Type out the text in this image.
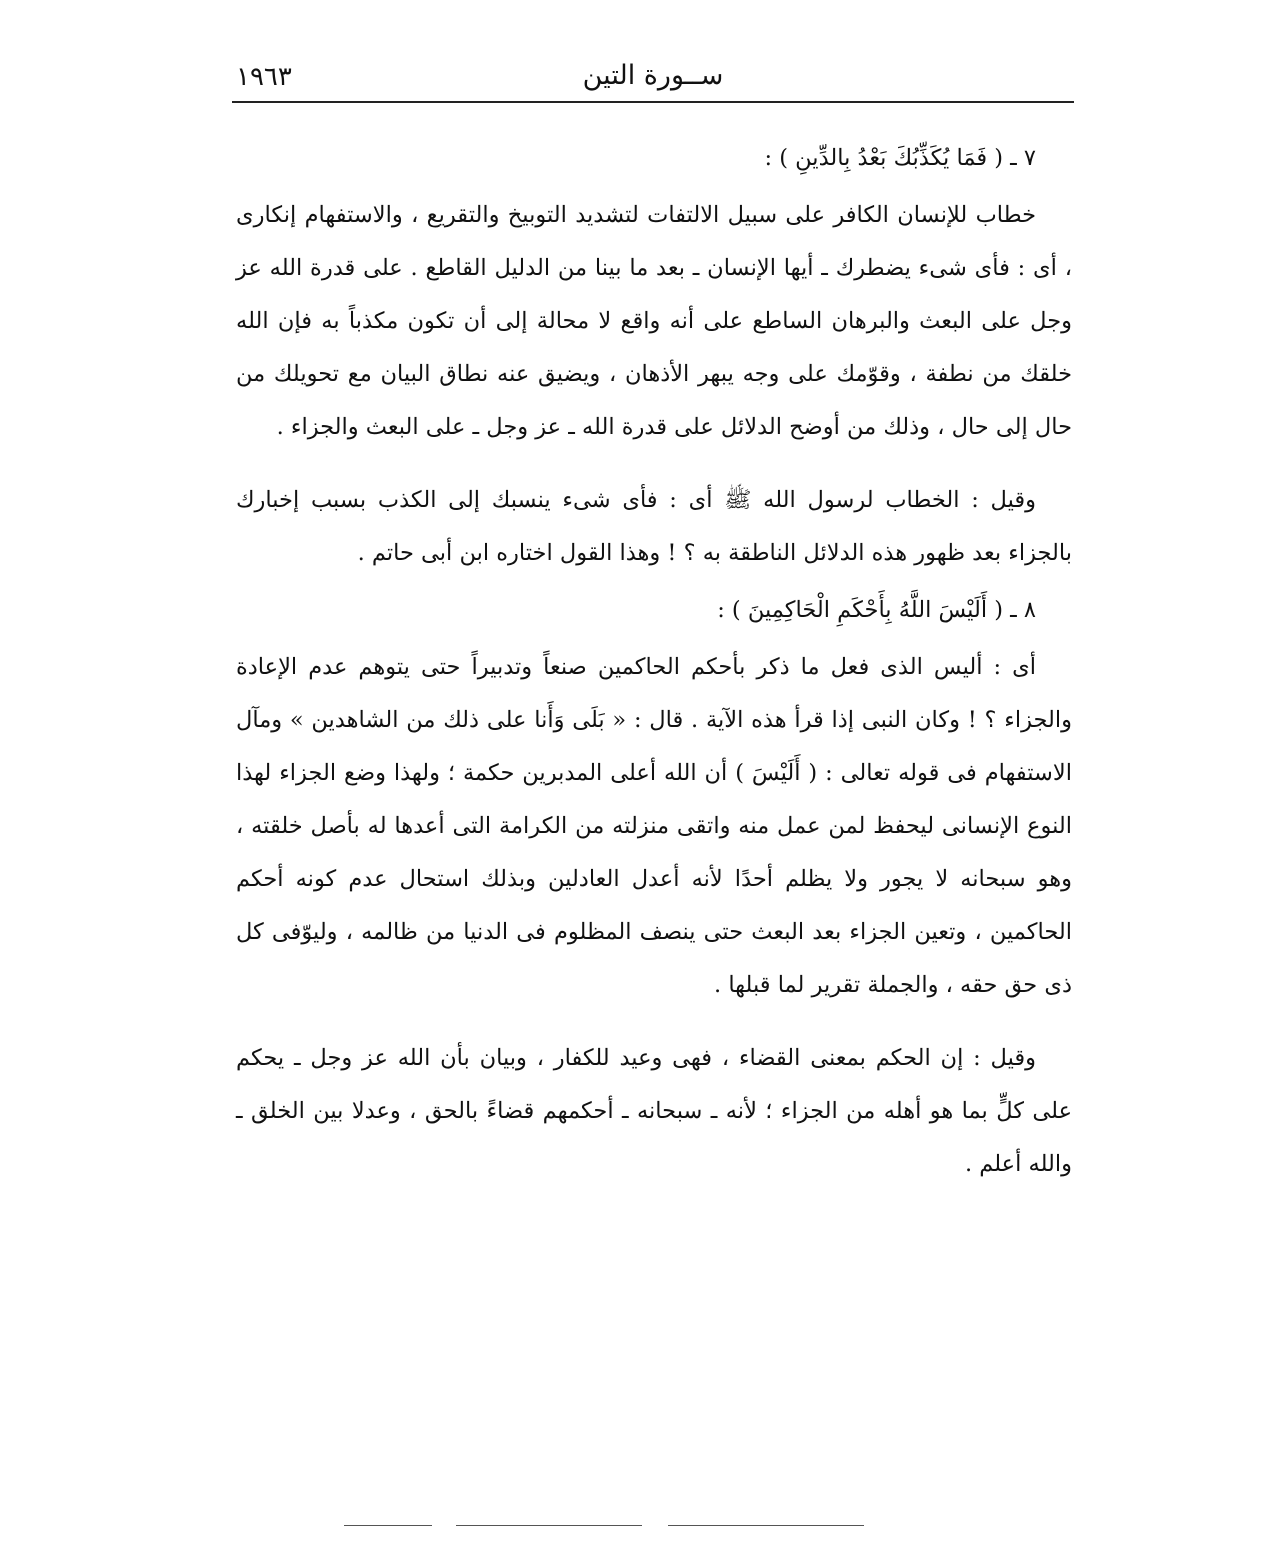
ســورة التين
١٩٦٣

٧ ـ ( فَمَا يُكَذِّبُكَ بَعْدُ بِالدِّينِ ) :

خطاب للإنسان الكافر على سبيل الالتفات لتشديد التوبيخ والتقريع ، والاستفهام إنكارى ، أى : فأى شىء يضطرك ـ أيها الإنسان ـ بعد ما بينا من الدليل القاطع . على قدرة الله عز وجل على البعث والبرهان الساطع على أنه واقع لا محالة إلى أن تكون مكذباً به فإن الله خلقك من نطفة ، وقوّمك على وجه يبهر الأذهان ، ويضيق عنه نطاق البيان مع تحويلك من حال إلى حال ، وذلك من أوضح الدلائل على قدرة الله ـ عز وجل ـ على البعث والجزاء .

وقيل : الخطاب لرسول الله ﷺ أى : فأى شىء ينسبك إلى الكذب بسبب إخبارك بالجزاء بعد ظهور هذه الدلائل الناطقة به ؟ ! وهذا القول اختاره ابن أبى حاتم .

٨ ـ ( أَلَيْسَ اللَّهُ بِأَحْكَمِ الْحَاكِمِينَ ) :

أى : أليس الذى فعل ما ذكر بأحكم الحاكمين صنعاً وتدبيراً حتى يتوهم عدم الإعادة والجزاء ؟ ! وكان النبى إذا قرأ هذه الآية . قال : « بَلَى وَأَنا على ذلك من الشاهدين » ومآل الاستفهام فى قوله تعالى : ( أَلَيْسَ ) أن الله أعلى المدبرين حكمة ؛ ولهذا وضع الجزاء لهذا النوع الإنسانى ليحفظ لمن عمل منه واتقى منزلته من الكرامة التى أعدها له بأصل خلقته ، وهو سبحانه لا يجور ولا يظلم أحدًا لأنه أعدل العادلين وبذلك استحال عدم كونه أحكم الحاكمين ، وتعين الجزاء بعد البعث حتى ينصف المظلوم فى الدنيا من ظالمه ، وليوّفى كل ذى حق حقه ، والجملة تقرير لما قبلها .

وقيل : إن الحكم بمعنى القضاء ، فهى وعيد للكفار ، وبيان بأن الله عز وجل ـ يحكم على كلٍّ بما هو أهله من الجزاء ؛ لأنه ـ سبحانه ـ أحكمهم قضاءً بالحق ، وعدلا بين الخلق ـ والله أعلم .
